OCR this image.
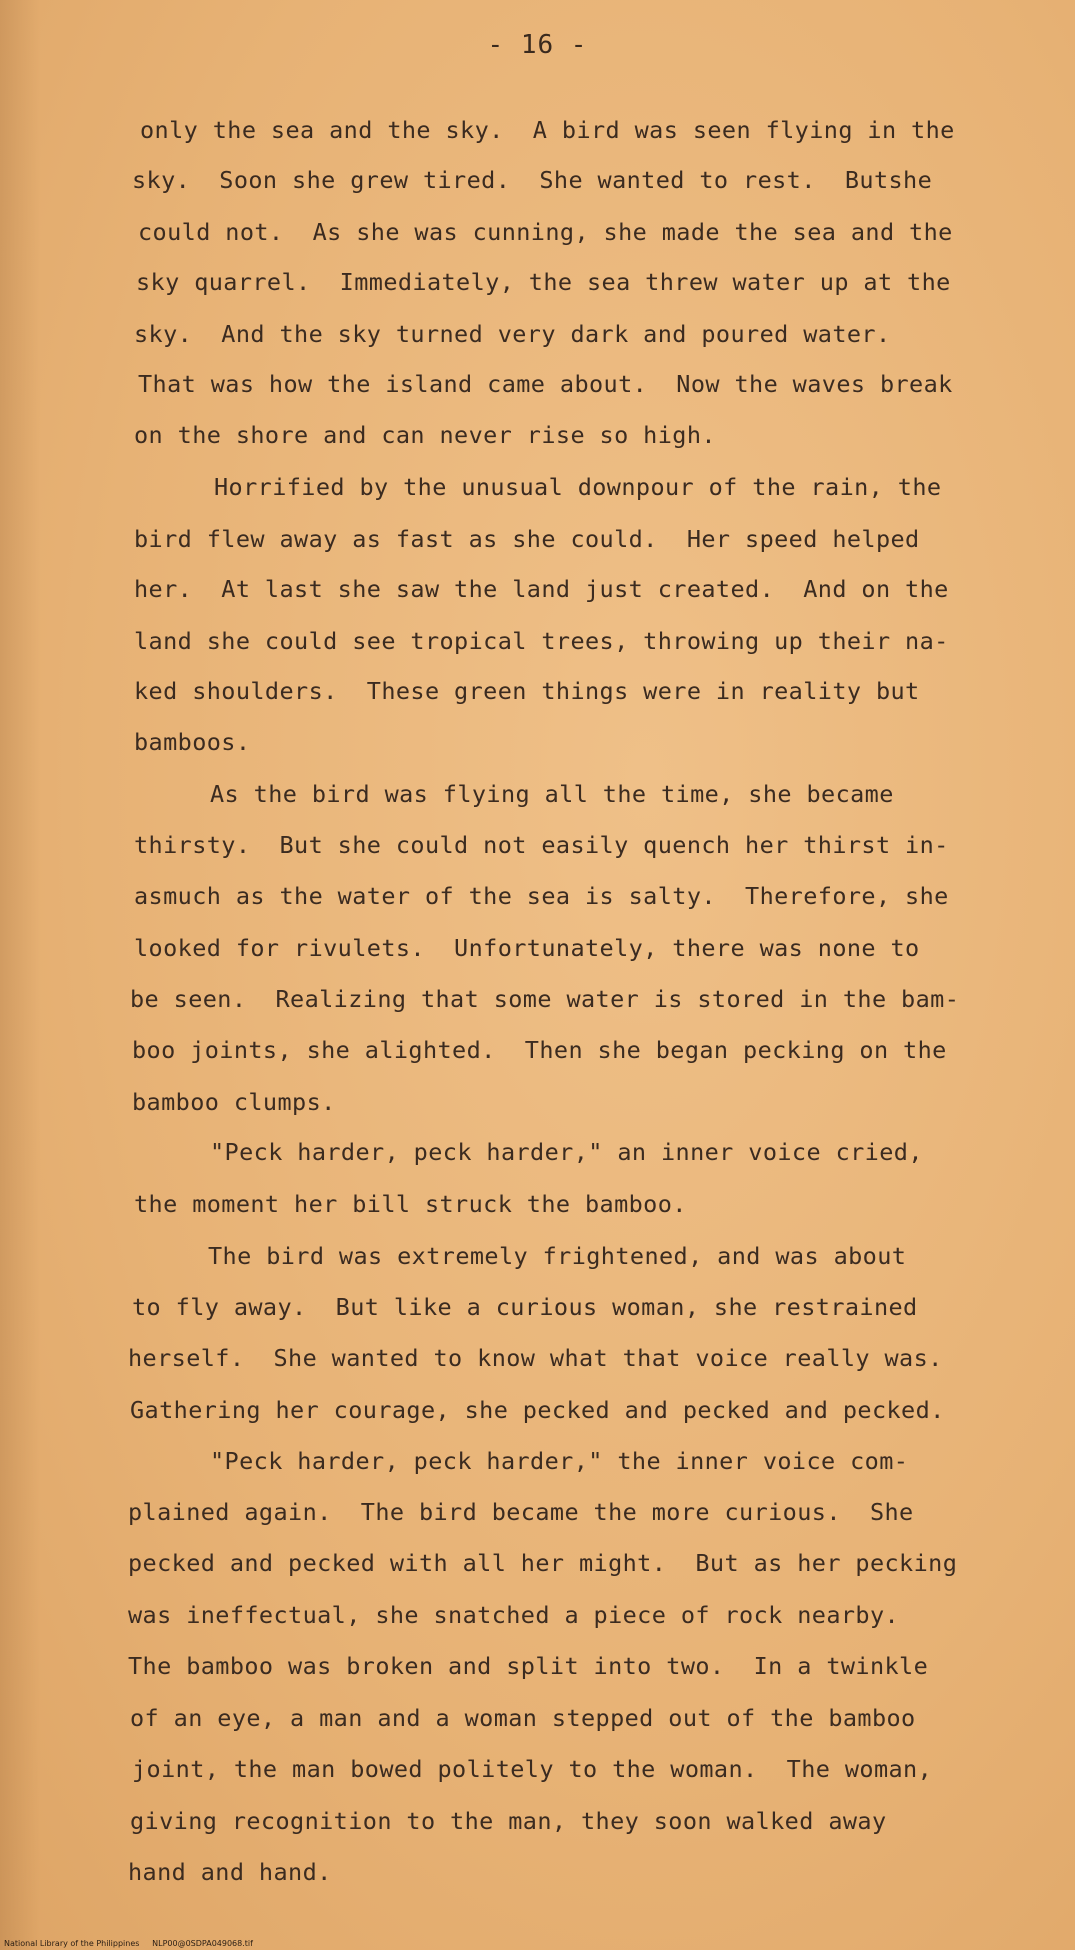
- 16 -
only the sea and the sky.  A bird was seen flying in the
sky.  Soon she grew tired.  She wanted to rest.  Butshe
could not.  As she was cunning, she made the sea and the
sky quarrel.  Immediately, the sea threw water up at the
sky.  And the sky turned very dark and poured water.
That was how the island came about.  Now the waves break
on the shore and can never rise so high.
Horrified by the unusual downpour of the rain, the
bird flew away as fast as she could.  Her speed helped
her.  At last she saw the land just created.  And on the
land she could see tropical trees, throwing up their na-
ked shoulders.  These green things were in reality but
bamboos.
As the bird was flying all the time, she became
thirsty.  But she could not easily quench her thirst in-
asmuch as the water of the sea is salty.  Therefore, she
looked for rivulets.  Unfortunately, there was none to
be seen.  Realizing that some water is stored in the bam-
boo joints, she alighted.  Then she began pecking on the
bamboo clumps.
"Peck harder, peck harder," an inner voice cried,
the moment her bill struck the bamboo.
The bird was extremely frightened, and was about
to fly away.  But like a curious woman, she restrained
herself.  She wanted to know what that voice really was.
Gathering her courage, she pecked and pecked and pecked.
"Peck harder, peck harder," the inner voice com-
plained again.  The bird became the more curious.  She
pecked and pecked with all her might.  But as her pecking
was ineffectual, she snatched a piece of rock nearby.
The bamboo was broken and split into two.  In a twinkle
of an eye, a man and a woman stepped out of the bamboo
joint, the man bowed politely to the woman.  The woman,
giving recognition to the man, they soon walked away
hand and hand.
National Library of the Philippines     NLP00@0SDPA049068.tif
